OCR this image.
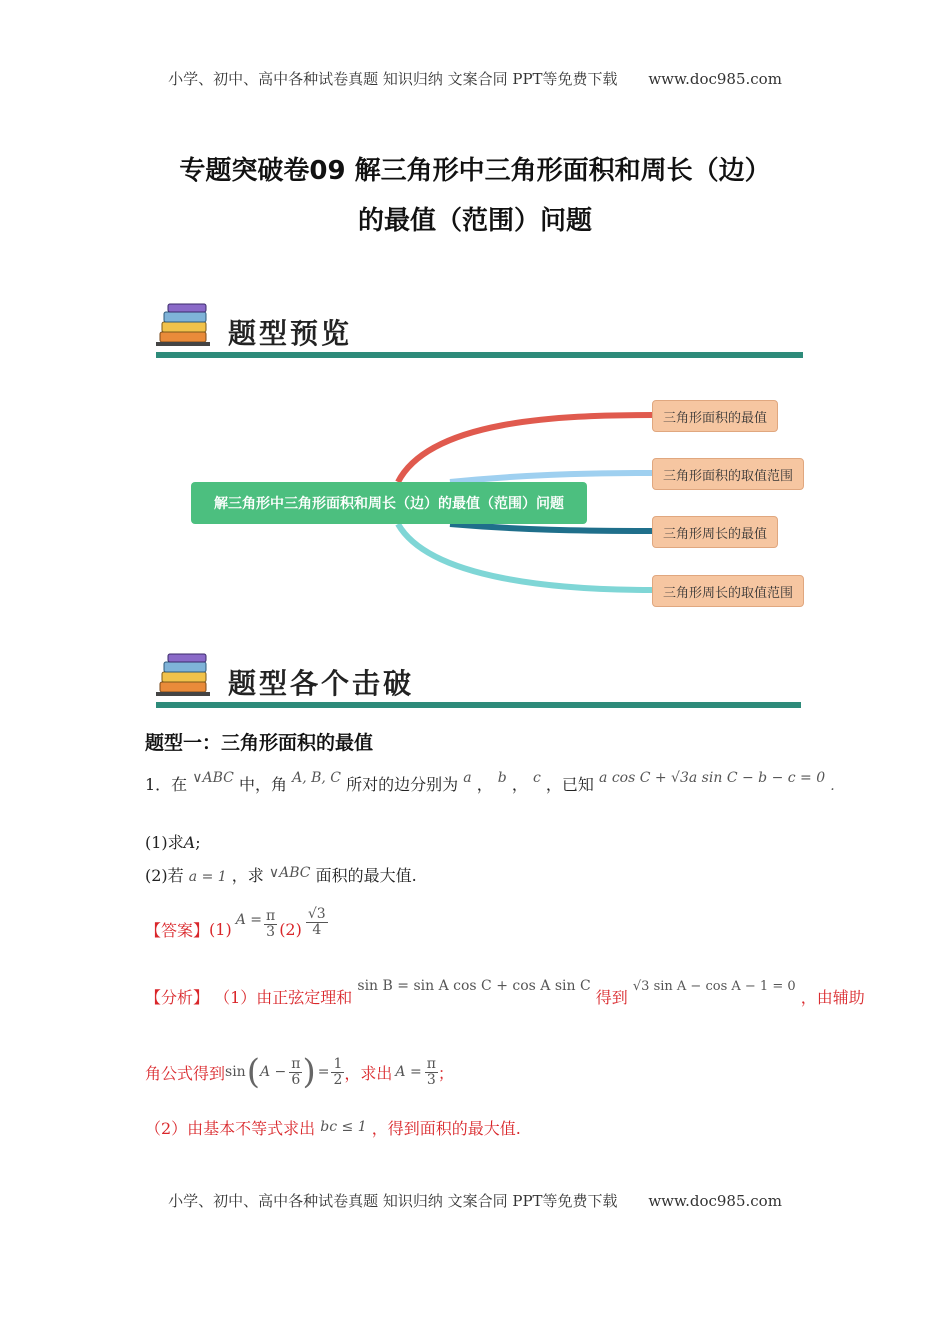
小学、初中、高中各种试卷真题 知识归纳 文案合同 PPT等免费下载 www.doc985.com
专题突破卷09 解三角形中三角形面积和周长（边）
的最值（范围）问题
题型预览
解三角形中三角形面积和周长（边）的最值（范围）问题
三角形面积的最值
三角形面积的取值范围
三角形周长的最值
三角形周长的取值范围
题型各个击破
题型一：三角形面积的最值
1．在 ∨ABC 中，角 A, B, C 所对的边分别为 a ， b ， c ，已知 a cos C + √3a sin C − b − c = 0 .
(1)求A;
(2)若 a = 1 ，求 ∨ABC 面积的最大值.
【答案】 (1)
$A = \frac{\pi}{3} (2) \frac{√3}{4}$
【分析】 （1）由正弦定理和 sin B = sin A cos C + cos A sin C 得到 $^{√3 sin A - cos A - 1 = 0}$ ，由辅助
角公式得到 sin ( $A - \frac{\pi}{6}$ ) = $\frac{1}{2}$ ，求出 $A = \frac{\pi}{3}$ ；
（2）由基本不等式求出 bc ≤ 1 ，得到面积的最大值.
小学、初中、高中各种试卷真题 知识归纳 文案合同 PPT等免费下载 www.doc985.com
